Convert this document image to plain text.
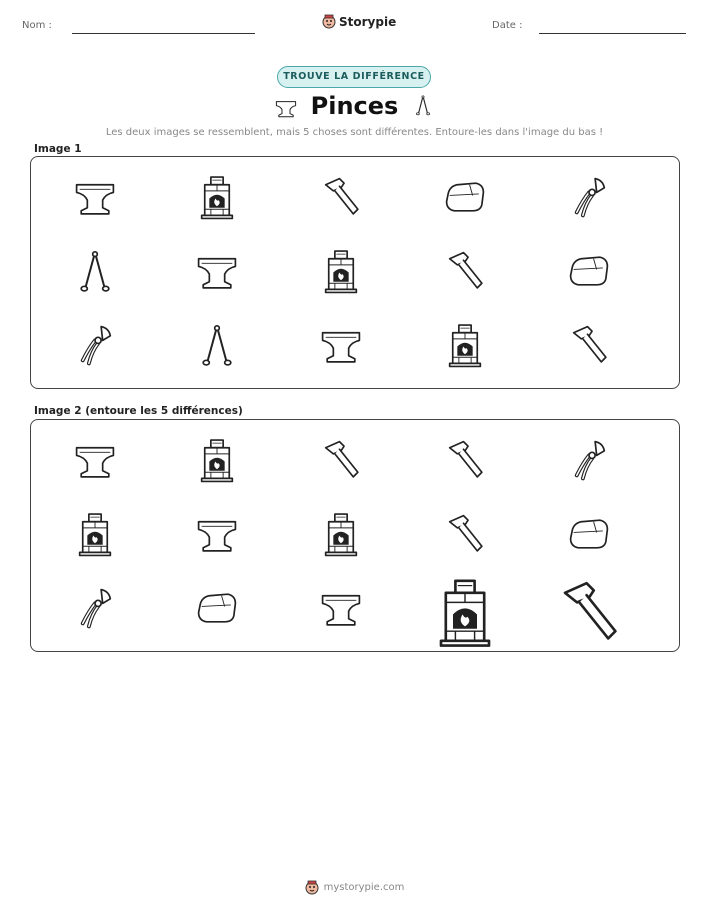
Nom :	Storypie	Date :
TROUVE LA DIFFÉRENCE
Pinces
Les deux images se ressemblent, mais 5 choses sont différentes. Entoure-les dans l'image du bas !
Image 1
Image 2 (entoure les 5 différences)
mystorypie.com
